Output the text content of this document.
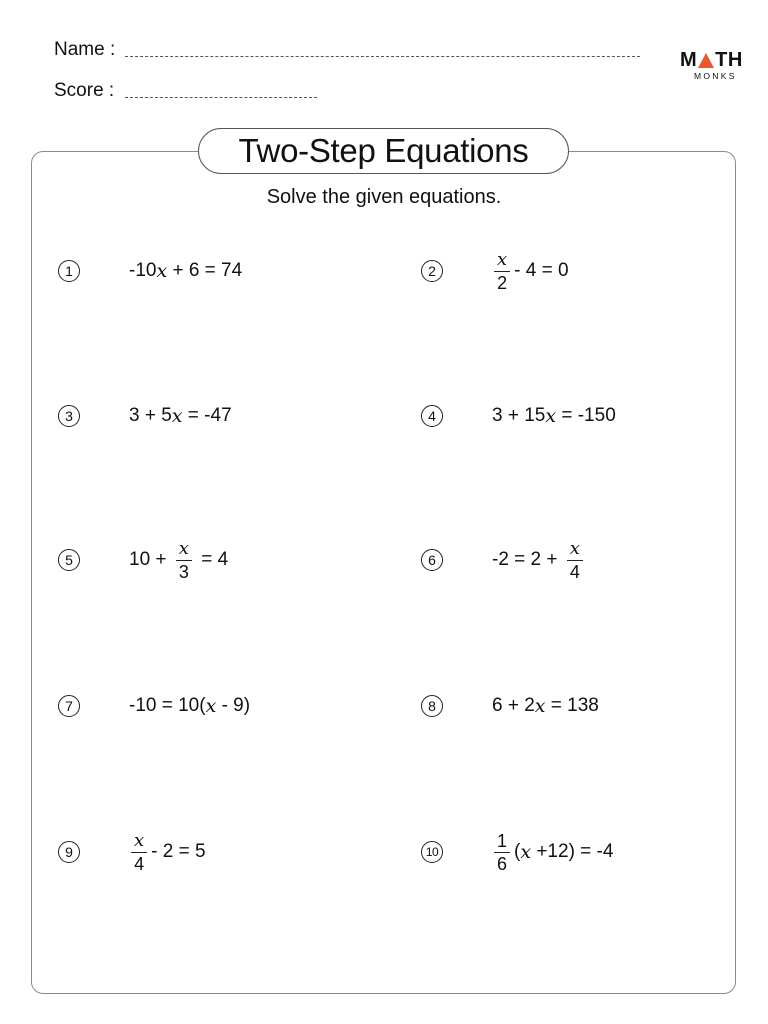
Name :
Score :
M TH
MONKS
Two-Step Equations
Solve the given equations.
1	-10 x + 6 = 74	2	$\frac{x}{2} - 4 = 0$
3	3 + 5 x = -47	4	3 + 15 x = -150
5	$10 + \frac{x}{3} = 4$	6	$-2 = 2 + \frac{x}{4}$
7	-10 = 10( x - 9)	8	6 + 2 x = 138
9	$\frac{x}{4} - 2 = 5$	10	$\frac{1}{6}$ ( x +12) = -4
